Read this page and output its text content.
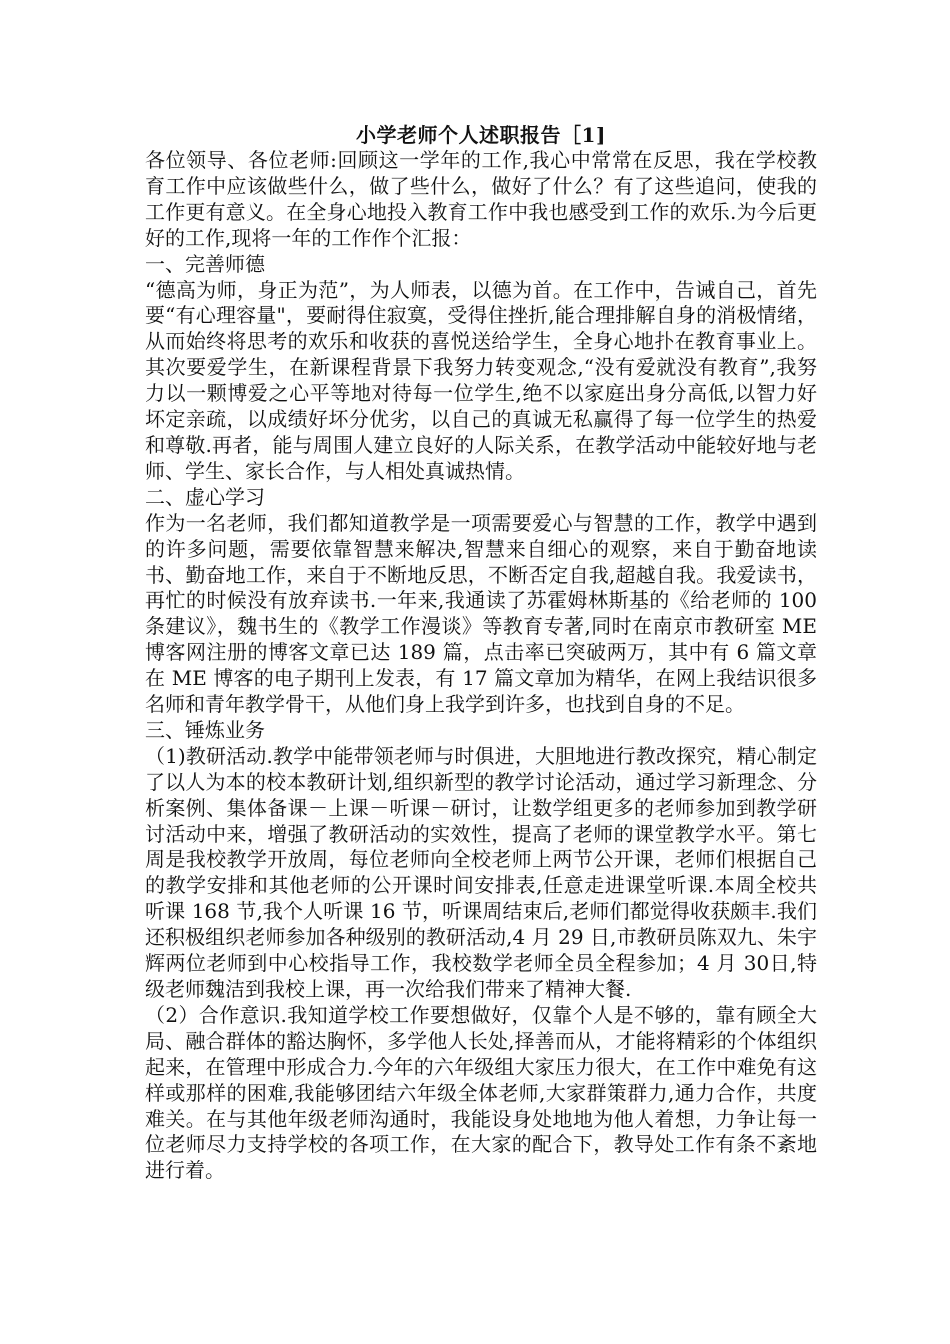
小学老师个人述职报告［1]

各位领导、各位老师:回顾这一学年的工作,我心中常常在反思，我在学校教育工作中应该做些什么，做了些什么，做好了什么？有了这些追问，使我的工作更有意义。在全身心地投入教育工作中我也感受到工作的欢乐.为今后更好的工作,现将一年的工作作个汇报：

一、完善师德

“德高为师，身正为范”，为人师表，以德为首。在工作中，告诫自己，首先要“有心理容量"，要耐得住寂寞，受得住挫折,能合理排解自身的消极情绪，从而始终将思考的欢乐和收获的喜悦送给学生，全身心地扑在教育事业上。其次要爱学生，在新课程背景下我努力转变观念,“没有爱就没有教育”,我努力以一颗博爱之心平等地对待每一位学生,绝不以家庭出身分高低,以智力好坏定亲疏，以成绩好坏分优劣，以自己的真诚无私赢得了每一位学生的热爱和尊敬.再者，能与周围人建立良好的人际关系，在教学活动中能较好地与老师、学生、家长合作，与人相处真诚热情。

二、虚心学习

作为一名老师，我们都知道教学是一项需要爱心与智慧的工作，教学中遇到的许多问题，需要依靠智慧来解决,智慧来自细心的观察，来自于勤奋地读书、勤奋地工作，来自于不断地反思，不断否定自我,超越自我。我爱读书，再忙的时候没有放弃读书.一年来,我通读了苏霍姆林斯基的《给老师的 100 条建议》，魏书生的《教学工作漫谈》等教育专著,同时在南京市教研室 ME 博客网注册的博客文章已达 189 篇，点击率已突破两万，其中有 6 篇文章在 ME 博客的电子期刊上发表，有 17 篇文章加为精华，在网上我结识很多名师和青年教学骨干，从他们身上我学到许多，也找到自身的不足。

三、锤炼业务

（1)教研活动.教学中能带领老师与时俱进，大胆地进行教改探究，精心制定了以人为本的校本教研计划,组织新型的教学讨论活动，通过学习新理念、分析案例、集体备课－上课－听课－研讨，让数学组更多的老师参加到教学研讨活动中来，增强了教研活动的实效性，提高了老师的课堂教学水平。第七周是我校教学开放周，每位老师向全校老师上两节公开课，老师们根据自己的教学安排和其他老师的公开课时间安排表,任意走进课堂听课.本周全校共听课 168 节,我个人听课 16 节，听课周结束后,老师们都觉得收获颇丰.我们还积极组织老师参加各种级别的教研活动,4 月 29 日,市教研员陈双九、朱宇辉两位老师到中心校指导工作，我校数学老师全员全程参加；4 月 30日,特级老师魏洁到我校上课，再一次给我们带来了精神大餐.

（2）合作意识.我知道学校工作要想做好，仅靠个人是不够的，靠有顾全大局、融合群体的豁达胸怀，多学他人长处,择善而从，才能将精彩的个体组织起来，在管理中形成合力.今年的六年级组大家压力很大，在工作中难免有这样或那样的困难,我能够团结六年级全体老师,大家群策群力,通力合作，共度难关。在与其他年级老师沟通时，我能设身处地地为他人着想，力争让每一位老师尽力支持学校的各项工作，在大家的配合下，教导处工作有条不紊地进行着。
